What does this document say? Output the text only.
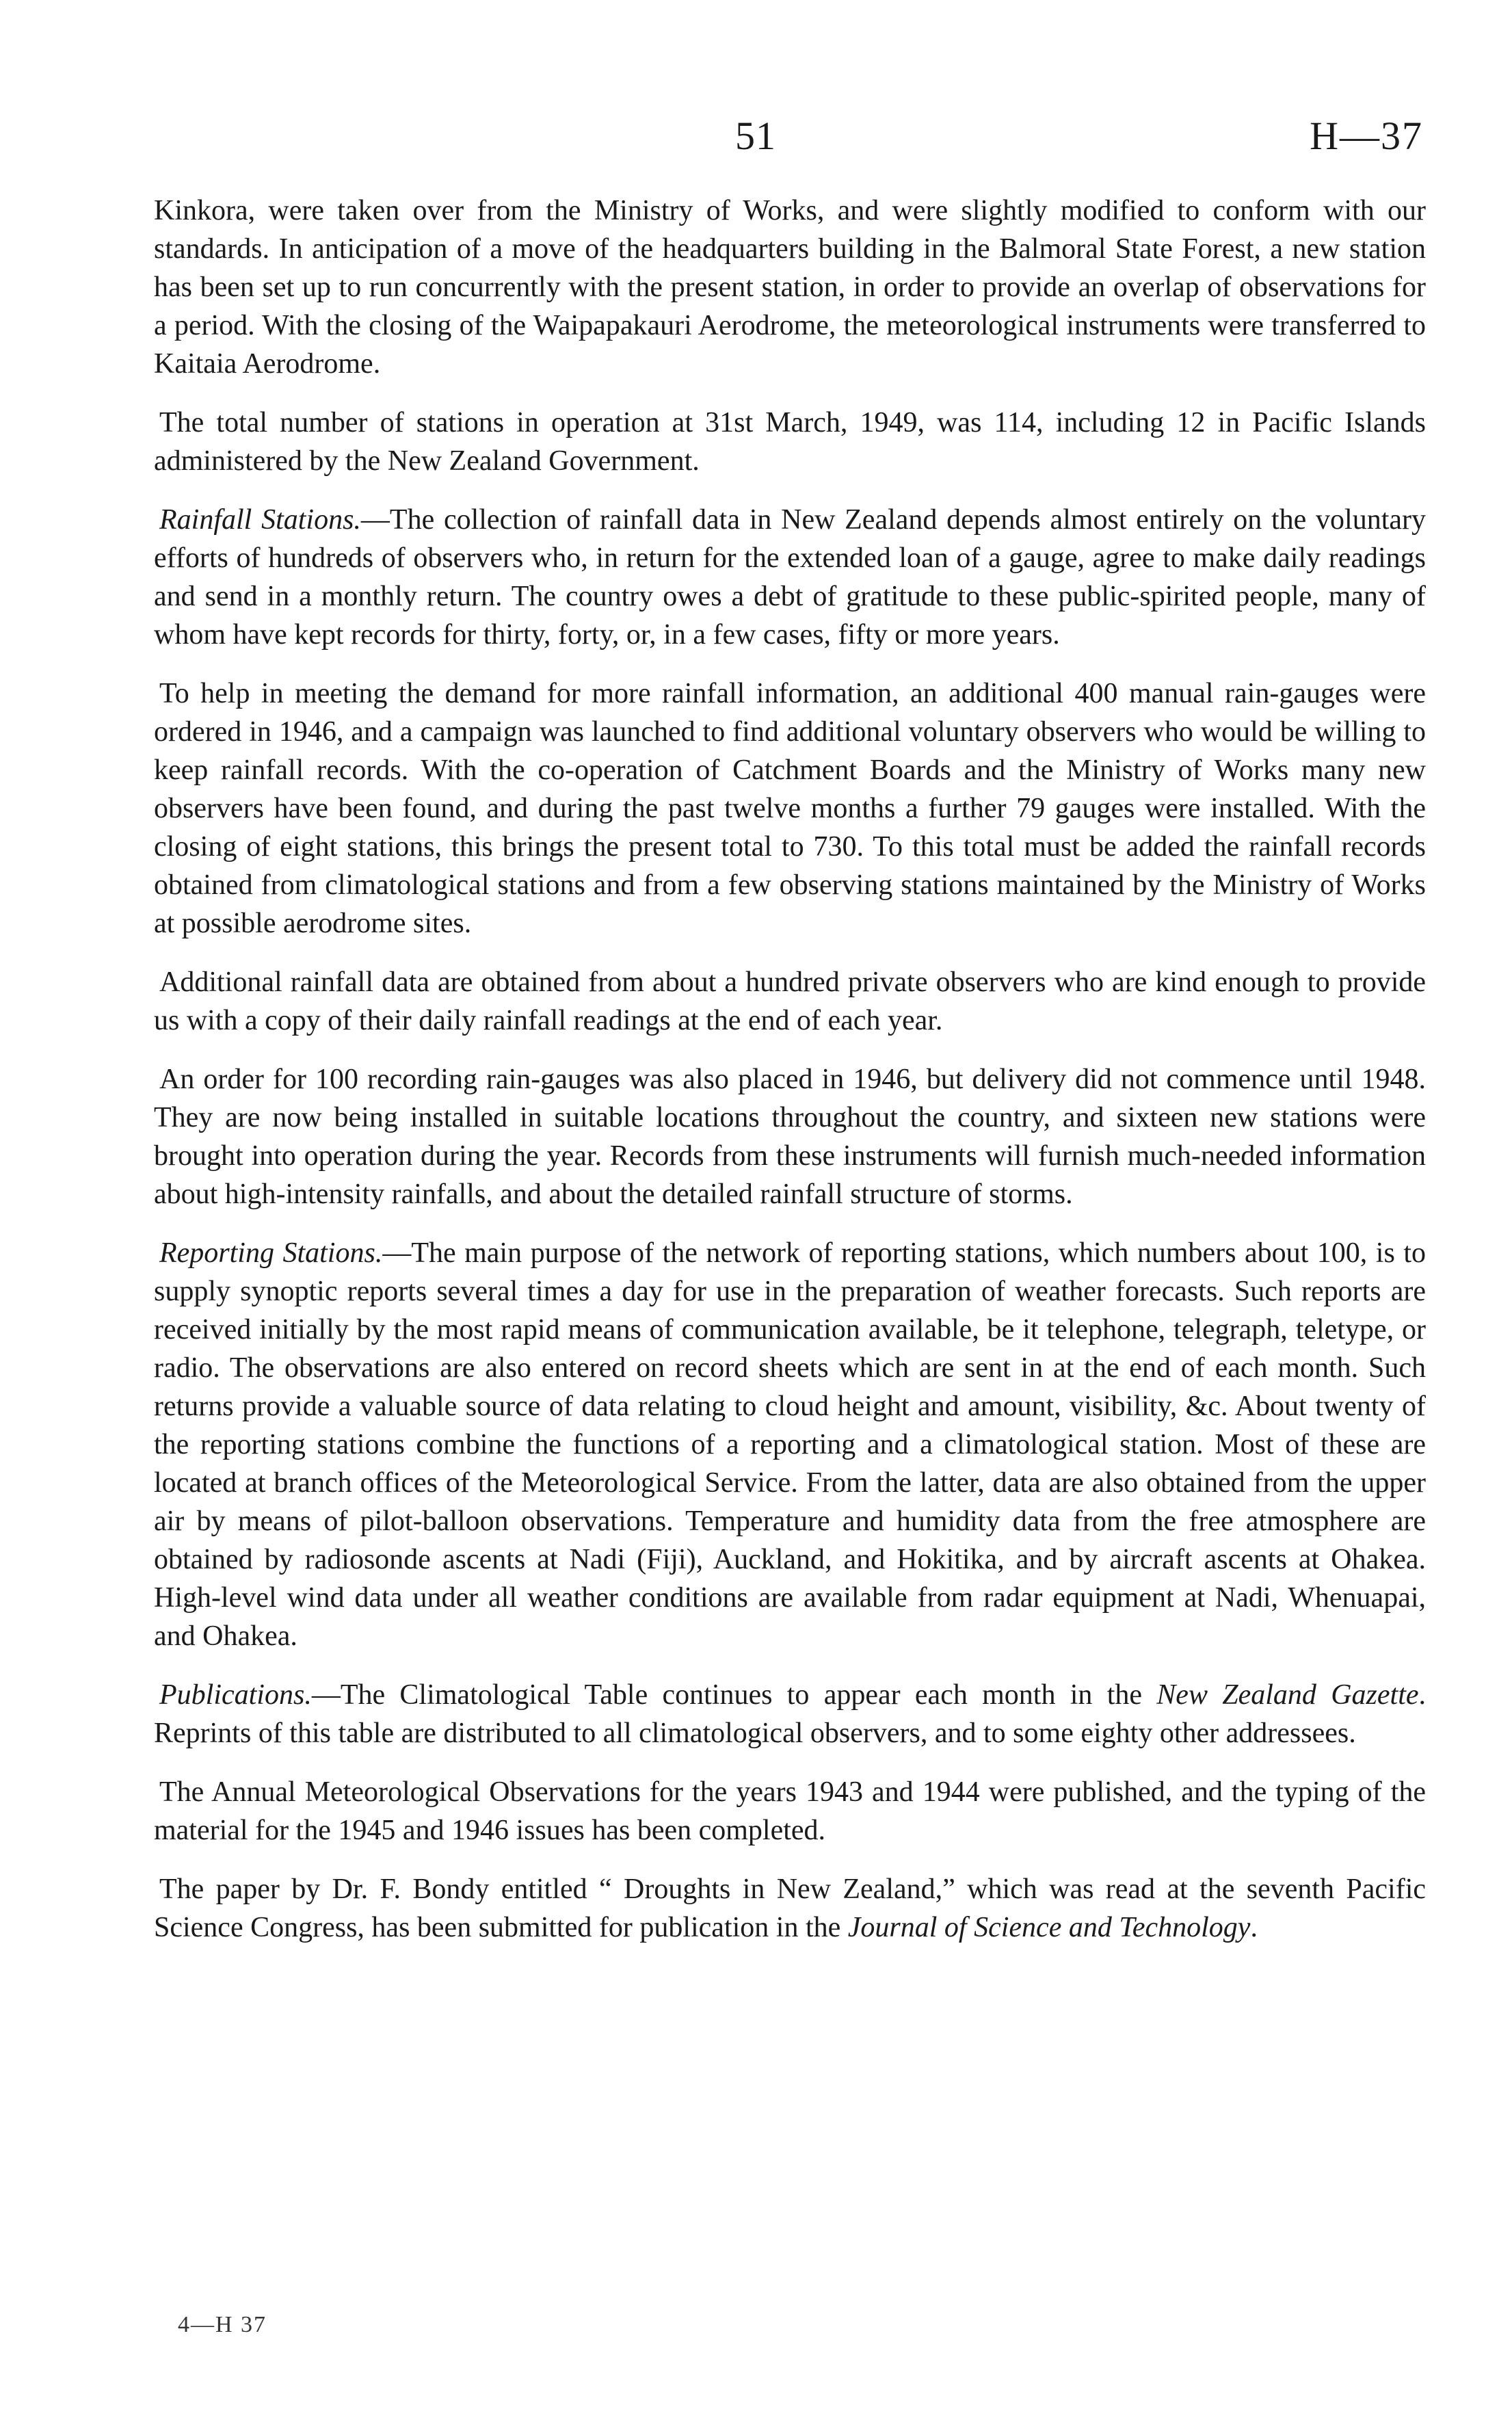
51	H—37

Kinkora, were taken over from the Ministry of Works, and were slightly modified to conform with our standards. In anticipation of a move of the headquarters building in the Balmoral State Forest, a new station has been set up to run concurrently with the present station, in order to provide an overlap of observations for a period. With the closing of the Waipapakauri Aerodrome, the meteorological instruments were transferred to Kaitaia Aerodrome.

The total number of stations in operation at 31st March, 1949, was 114, including 12 in Pacific Islands administered by the New Zealand Government.

Rainfall Stations.—The collection of rainfall data in New Zealand depends almost entirely on the voluntary efforts of hundreds of observers who, in return for the extended loan of a gauge, agree to make daily readings and send in a monthly return. The country owes a debt of gratitude to these public-spirited people, many of whom have kept records for thirty, forty, or, in a few cases, fifty or more years.

To help in meeting the demand for more rainfall information, an additional 400 manual rain-gauges were ordered in 1946, and a campaign was launched to find additional voluntary observers who would be willing to keep rainfall records. With the co-operation of Catchment Boards and the Ministry of Works many new observers have been found, and during the past twelve months a further 79 gauges were installed. With the closing of eight stations, this brings the present total to 730. To this total must be added the rainfall records obtained from climatological stations and from a few observing stations maintained by the Ministry of Works at possible aerodrome sites.

Additional rainfall data are obtained from about a hundred private observers who are kind enough to provide us with a copy of their daily rainfall readings at the end of each year.

An order for 100 recording rain-gauges was also placed in 1946, but delivery did not commence until 1948. They are now being installed in suitable locations throughout the country, and sixteen new stations were brought into operation during the year. Records from these instruments will furnish much-needed information about high-intensity rainfalls, and about the detailed rainfall structure of storms.

Reporting Stations.—The main purpose of the network of reporting stations, which numbers about 100, is to supply synoptic reports several times a day for use in the preparation of weather forecasts. Such reports are received initially by the most rapid means of communication available, be it telephone, telegraph, teletype, or radio. The observations are also entered on record sheets which are sent in at the end of each month. Such returns provide a valuable source of data relating to cloud height and amount, visibility, &c. About twenty of the reporting stations combine the functions of a reporting and a climatological station. Most of these are located at branch offices of the Meteorological Service. From the latter, data are also obtained from the upper air by means of pilot-balloon observations. Temperature and humidity data from the free atmosphere are obtained by radiosonde ascents at Nadi (Fiji), Auckland, and Hokitika, and by aircraft ascents at Ohakea. High-level wind data under all weather conditions are available from radar equipment at Nadi, Whenuapai, and Ohakea.

Publications.—The Climatological Table continues to appear each month in the New Zealand Gazette. Reprints of this table are distributed to all climatological observers, and to some eighty other addressees.

The Annual Meteorological Observations for the years 1943 and 1944 were published, and the typing of the material for the 1945 and 1946 issues has been completed.

The paper by Dr. F. Bondy entitled “ Droughts in New Zealand,” which was read at the seventh Pacific Science Congress, has been submitted for publication in the Journal of Science and Technology.

4—H 37
